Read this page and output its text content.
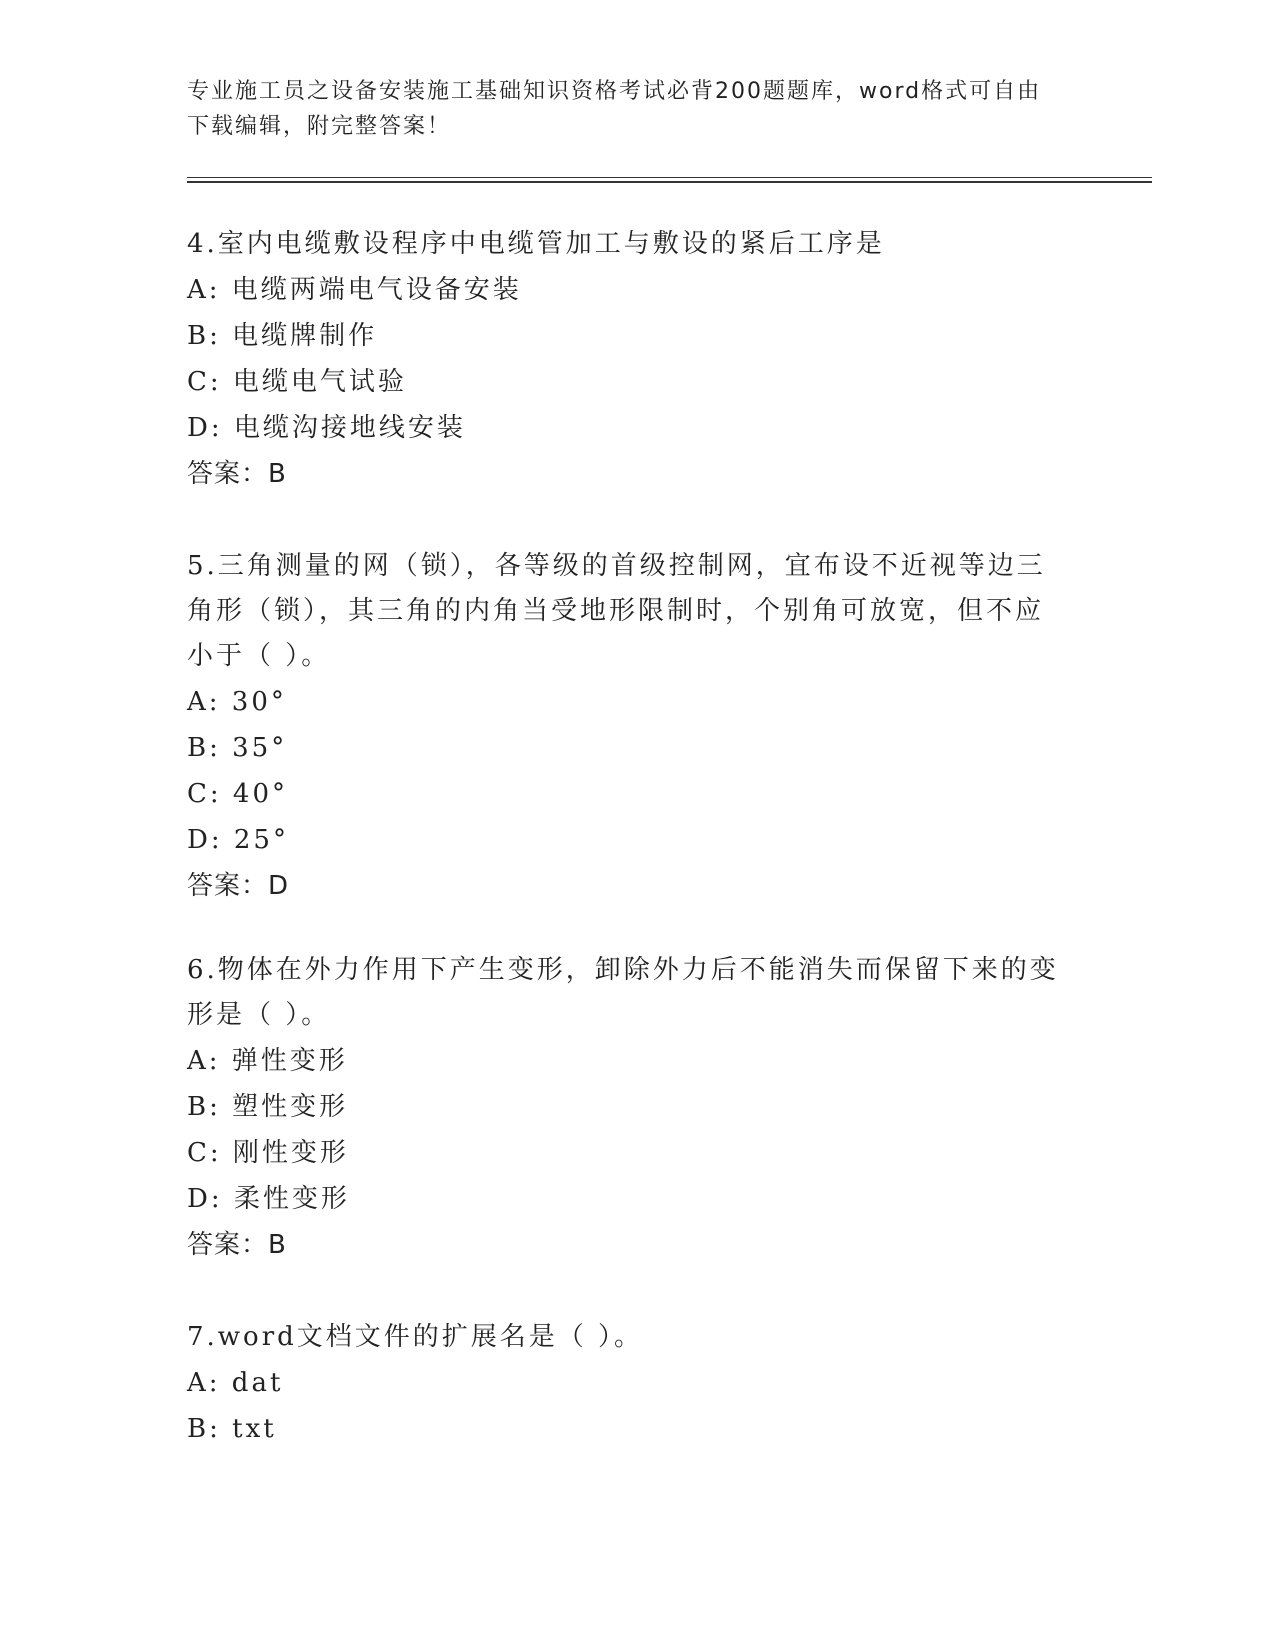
专业施工员之设备安装施工基础知识资格考试必背200题题库，word格式可自由
下载编辑，附完整答案！

4.室内电缆敷设程序中电缆管加工与敷设的紧后工序是

A: 电缆两端电气设备安装

B: 电缆牌制作

C: 电缆电气试验

D: 电缆沟接地线安装

答案：B

5.三角测量的网（锁），各等级的首级控制网，宜布设不近视等边三

角形（锁），其三角的内角当受地形限制时，个别角可放宽，但不应

小于（ ）。

A: 30°

B: 35°

C: 40°

D: 25°

答案：D

6.物体在外力作用下产生变形，卸除外力后不能消失而保留下来的变

形是（ ）。

A: 弹性变形

B: 塑性变形

C: 刚性变形

D: 柔性变形

答案：B

7.word文档文件的扩展名是（ ）。

A: dat

B: txt
